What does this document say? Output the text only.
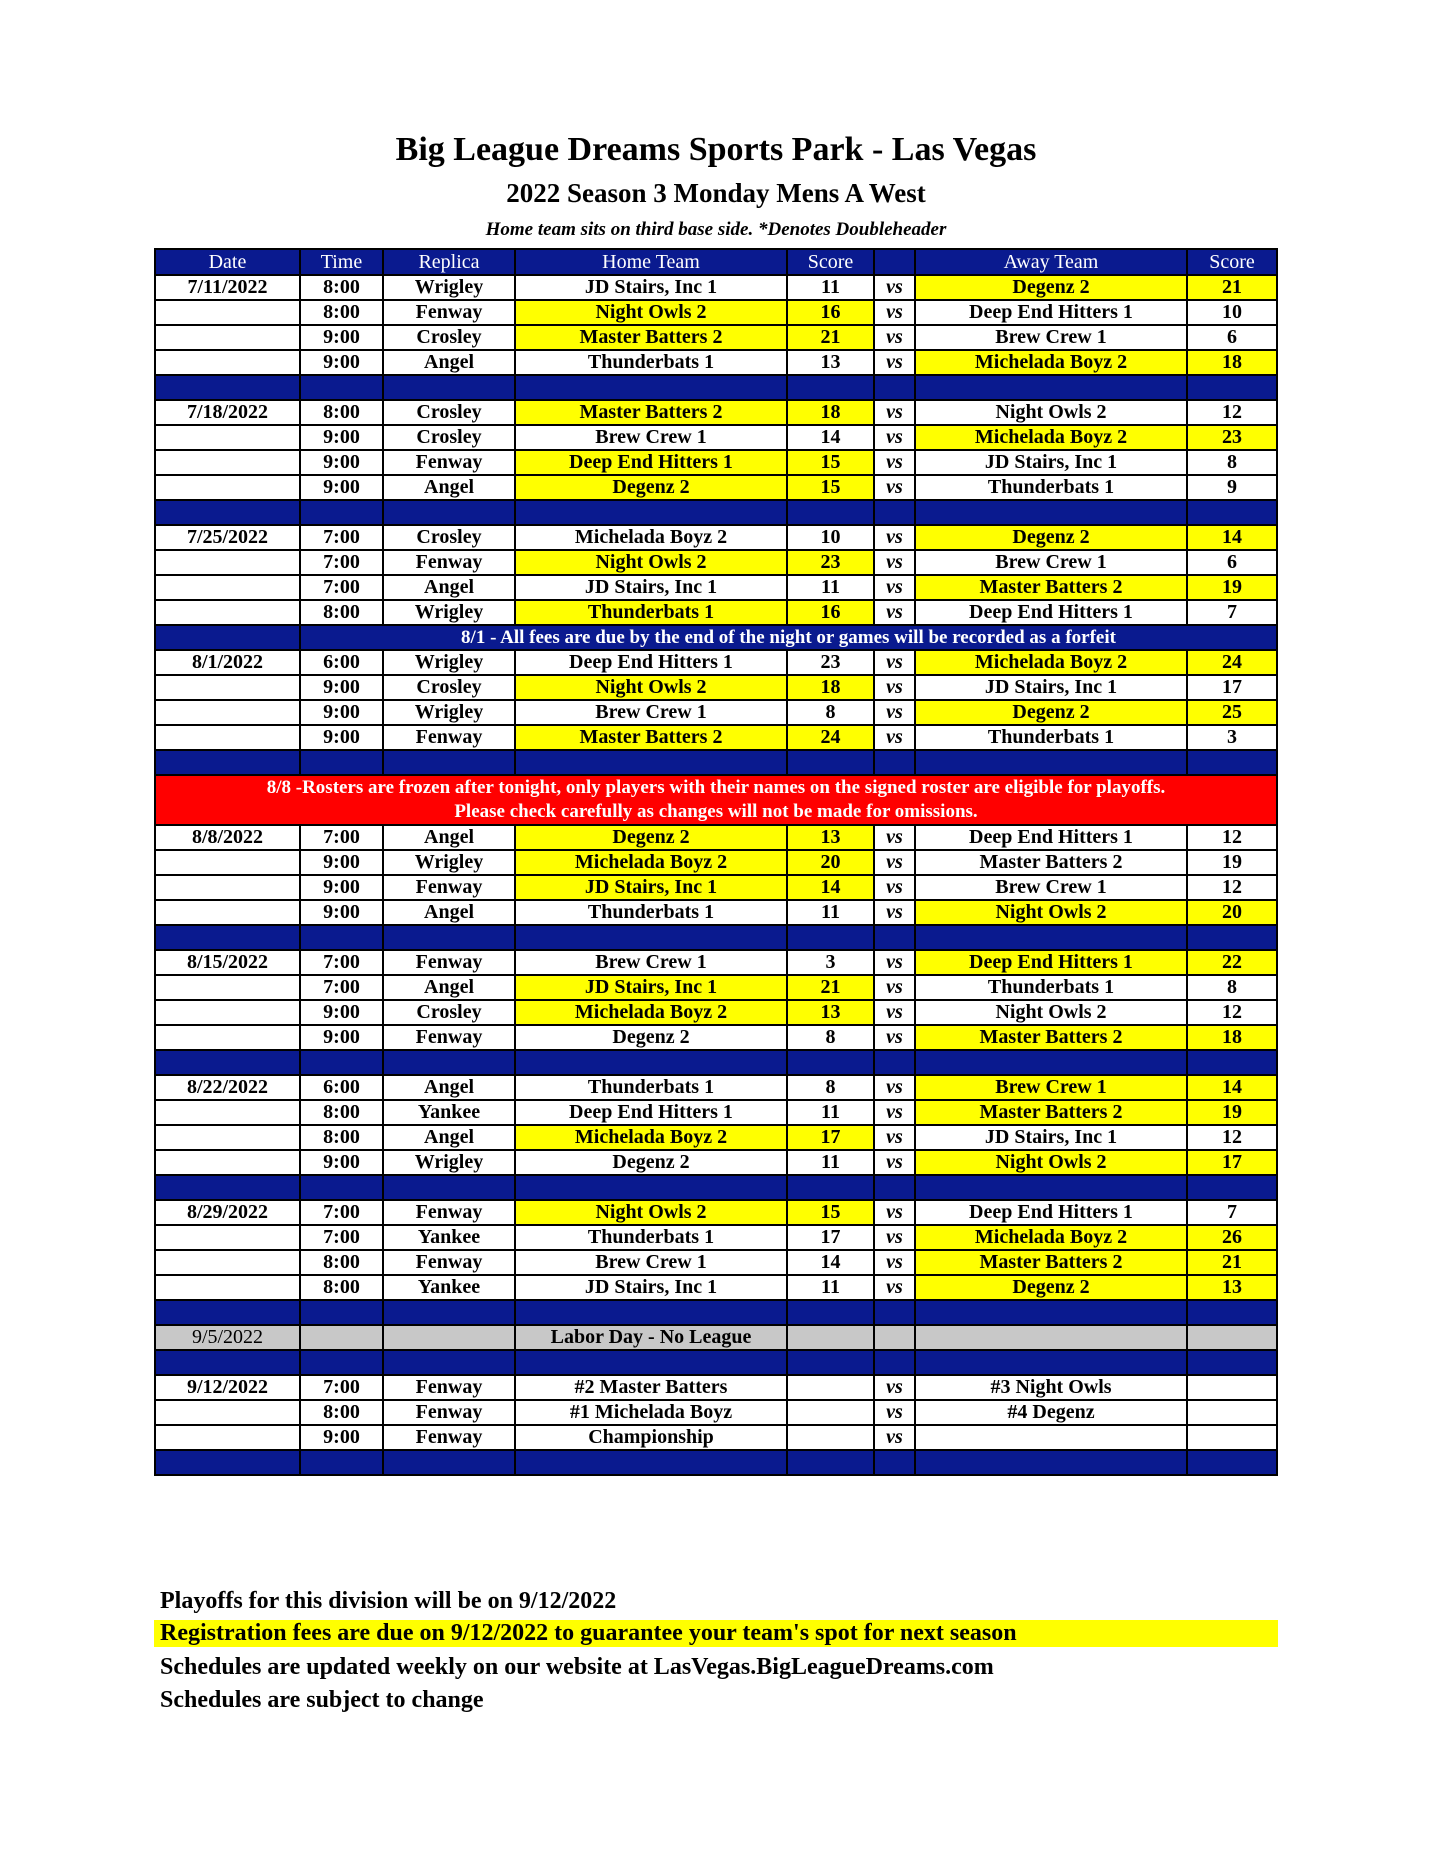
Big League Dreams Sports Park - Las Vegas
2022 Season 3 Monday Mens A West
Home team sits on third base side. *Denotes Doubleheader
Date	Time	Replica	Home Team	Score		Away Team	Score
7/11/2022	8:00	Wrigley	JD Stairs, Inc 1	11	vs	Degenz 2	21
	8:00	Fenway	Night Owls 2	16	vs	Deep End Hitters 1	10
	9:00	Crosley	Master Batters 2	21	vs	Brew Crew 1	6
	9:00	Angel	Thunderbats 1	13	vs	Michelada Boyz 2	18

7/18/2022	8:00	Crosley	Master Batters 2	18	vs	Night Owls 2	12
	9:00	Crosley	Brew Crew 1	14	vs	Michelada Boyz 2	23
	9:00	Fenway	Deep End Hitters 1	15	vs	JD Stairs, Inc 1	8
	9:00	Angel	Degenz 2	15	vs	Thunderbats 1	9

7/25/2022	7:00	Crosley	Michelada Boyz 2	10	vs	Degenz 2	14
	7:00	Fenway	Night Owls 2	23	vs	Brew Crew 1	6
	7:00	Angel	JD Stairs, Inc 1	11	vs	Master Batters 2	19
	8:00	Wrigley	Thunderbats 1	16	vs	Deep End Hitters 1	7
	8/1 - All fees are due by the end of the night or games will be recorded as a forfeit						
8/1/2022	6:00	Wrigley	Deep End Hitters 1	23	vs	Michelada Boyz 2	24
	9:00	Crosley	Night Owls 2	18	vs	JD Stairs, Inc 1	17
	9:00	Wrigley	Brew Crew 1	8	vs	Degenz 2	25
	9:00	Fenway	Master Batters 2	24	vs	Thunderbats 1	3

8/8 -Rosters are frozen after tonight, only players with their names on the signed roster are eligible for playoffs.
Please check carefully as changes will not be made for omissions.							

8/8/2022	7:00	Angel	Degenz 2	13	vs	Deep End Hitters 1	12
	9:00	Wrigley	Michelada Boyz 2	20	vs	Master Batters 2	19
	9:00	Fenway	JD Stairs, Inc 1	14	vs	Brew Crew 1	12
	9:00	Angel	Thunderbats 1	11	vs	Night Owls 2	20

8/15/2022	7:00	Fenway	Brew Crew 1	3	vs	Deep End Hitters 1	22
	7:00	Angel	JD Stairs, Inc 1	21	vs	Thunderbats 1	8
	9:00	Crosley	Michelada Boyz 2	13	vs	Night Owls 2	12
	9:00	Fenway	Degenz 2	8	vs	Master Batters 2	18

8/22/2022	6:00	Angel	Thunderbats 1	8	vs	Brew Crew 1	14
	8:00	Yankee	Deep End Hitters 1	11	vs	Master Batters 2	19
	8:00	Angel	Michelada Boyz 2	17	vs	JD Stairs, Inc 1	12
	9:00	Wrigley	Degenz 2	11	vs	Night Owls 2	17

8/29/2022	7:00	Fenway	Night Owls 2	15	vs	Deep End Hitters 1	7
	7:00	Yankee	Thunderbats 1	17	vs	Michelada Boyz 2	26
	8:00	Fenway	Brew Crew 1	14	vs	Master Batters 2	21
	8:00	Yankee	JD Stairs, Inc 1	11	vs	Degenz 2	13

9/5/2022			Labor Day - No League				

9/12/2022	7:00	Fenway	#2 Master Batters		vs	#3 Night Owls	
	8:00	Fenway	#1 Michelada Boyz		vs	#4 Degenz	
	9:00	Fenway	Championship		vs		

Playoffs for this division will be on 9/12/2022
Registration fees are due on 9/12/2022 to guarantee your team's spot for next season
Schedules are updated weekly on our website at LasVegas.BigLeagueDreams.com
Schedules are subject to change
